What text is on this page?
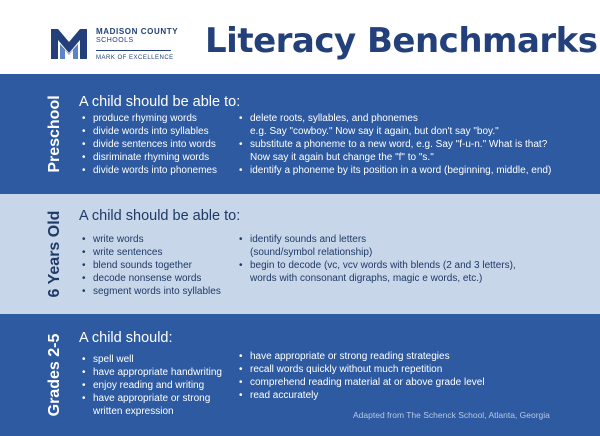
MADISON COUNTY
SCHOOLS
MARK OF EXCELLENCE Literacy Benchmarks
Preschool A child should be able to:
• produce rhyming words
• divide words into syllables
• divide sentences into words
• disriminate rhyming words
• divide words into phonemes
• delete roots, syllables, and phonemes
e.g. Say "cowboy." Now say it again, but don't say "boy."
• substitute a phoneme to a new word, e.g. Say "f-u-n." What is that?
Now say it again but change the "f" to "s."
• identify a phoneme by its position in a word (beginning, middle, end)
6 Years Old A child should be able to:
• write words
• write sentences
• blend sounds together
• decode nonsense words
• segment words into syllables
• identify sounds and letters
(sound/symbol relationship)
• begin to decode (vc, vcv words with blends (2 and 3 letters),
words with consonant digraphs, magic e words, etc.)
Grades 2-5 A child should:
• spell well
• have appropriate handwriting
• enjoy reading and writing
• have appropriate or strong
written expression
• have appropriate or strong reading strategies
• recall words quickly without much repetition
• comprehend reading material at or above grade level
• read accurately
Adapted from The Schenck School, Atlanta, Georgia
